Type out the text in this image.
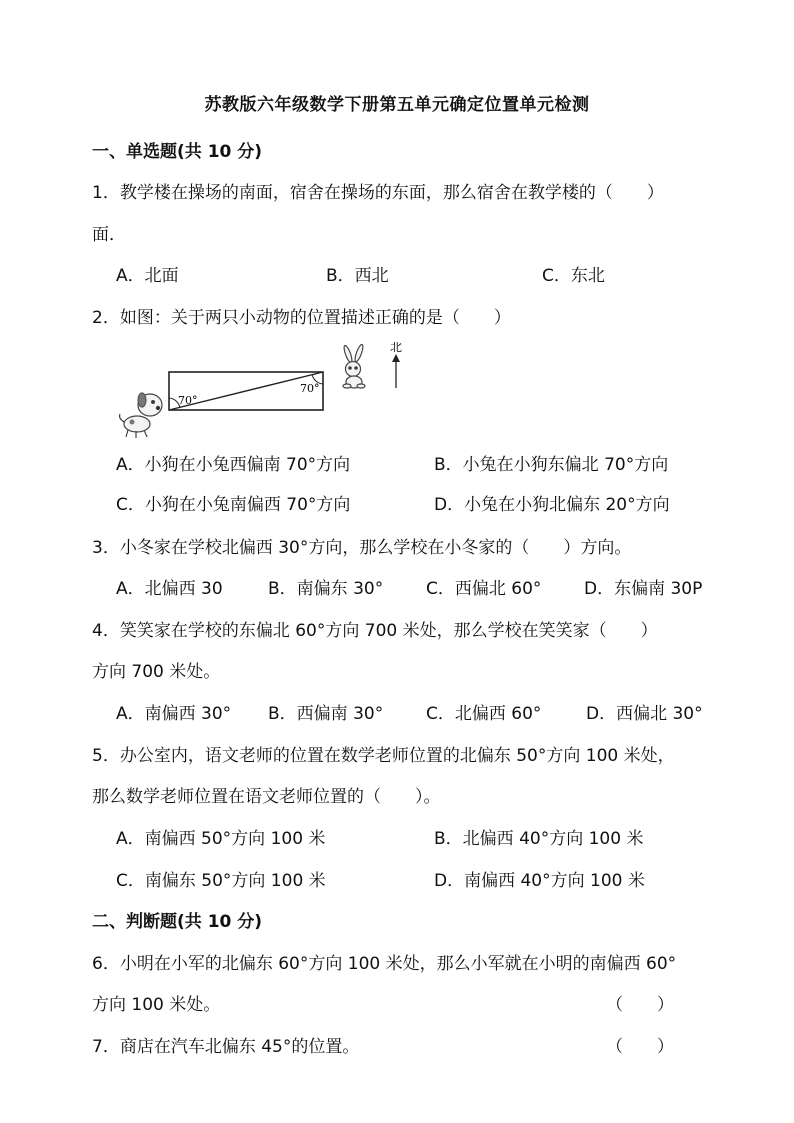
苏教版六年级数学下册第五单元确定位置单元检测
一、单选题(共 10 分)
1．教学楼在操场的南面，宿舍在操场的东面，那么宿舍在教学楼的（　　）
面．
A．北面	B．西北	C．东北
2．如图：关于两只小动物的位置描述正确的是（　　）
70°
70°
北
A．小狗在小兔西偏南 70°方向	B．小兔在小狗东偏北 70°方向
C．小狗在小兔南偏西 70°方向	D．小兔在小狗北偏东 20°方向
3．小冬家在学校北偏西 30°方向，那么学校在小冬家的（　　）方向。
A．北偏西 30	B．南偏东 30°	C．西偏北 60°	D．东偏南 30P
4．笑笑家在学校的东偏北 60°方向 700 米处，那么学校在笑笑家（　　）
方向 700 米处。
A．南偏西 30° B．西偏南 30°	C．北偏西 60°	D．西偏北 30°
5．办公室内，语文老师的位置在数学老师位置的北偏东 50°方向 100 米处，
那么数学老师位置在语文老师位置的（　　）。
A．南偏西 50°方向 100 米	B．北偏西 40°方向 100 米
C．南偏东 50°方向 100 米	D．南偏西 40°方向 100 米
二、判断题(共 10 分)
6．小明在小军的北偏东 60°方向 100 米处，那么小军就在小明的南偏西 60°
方向 100 米处。	（　　）
7．商店在汽车北偏东 45°的位置。	（　　）
